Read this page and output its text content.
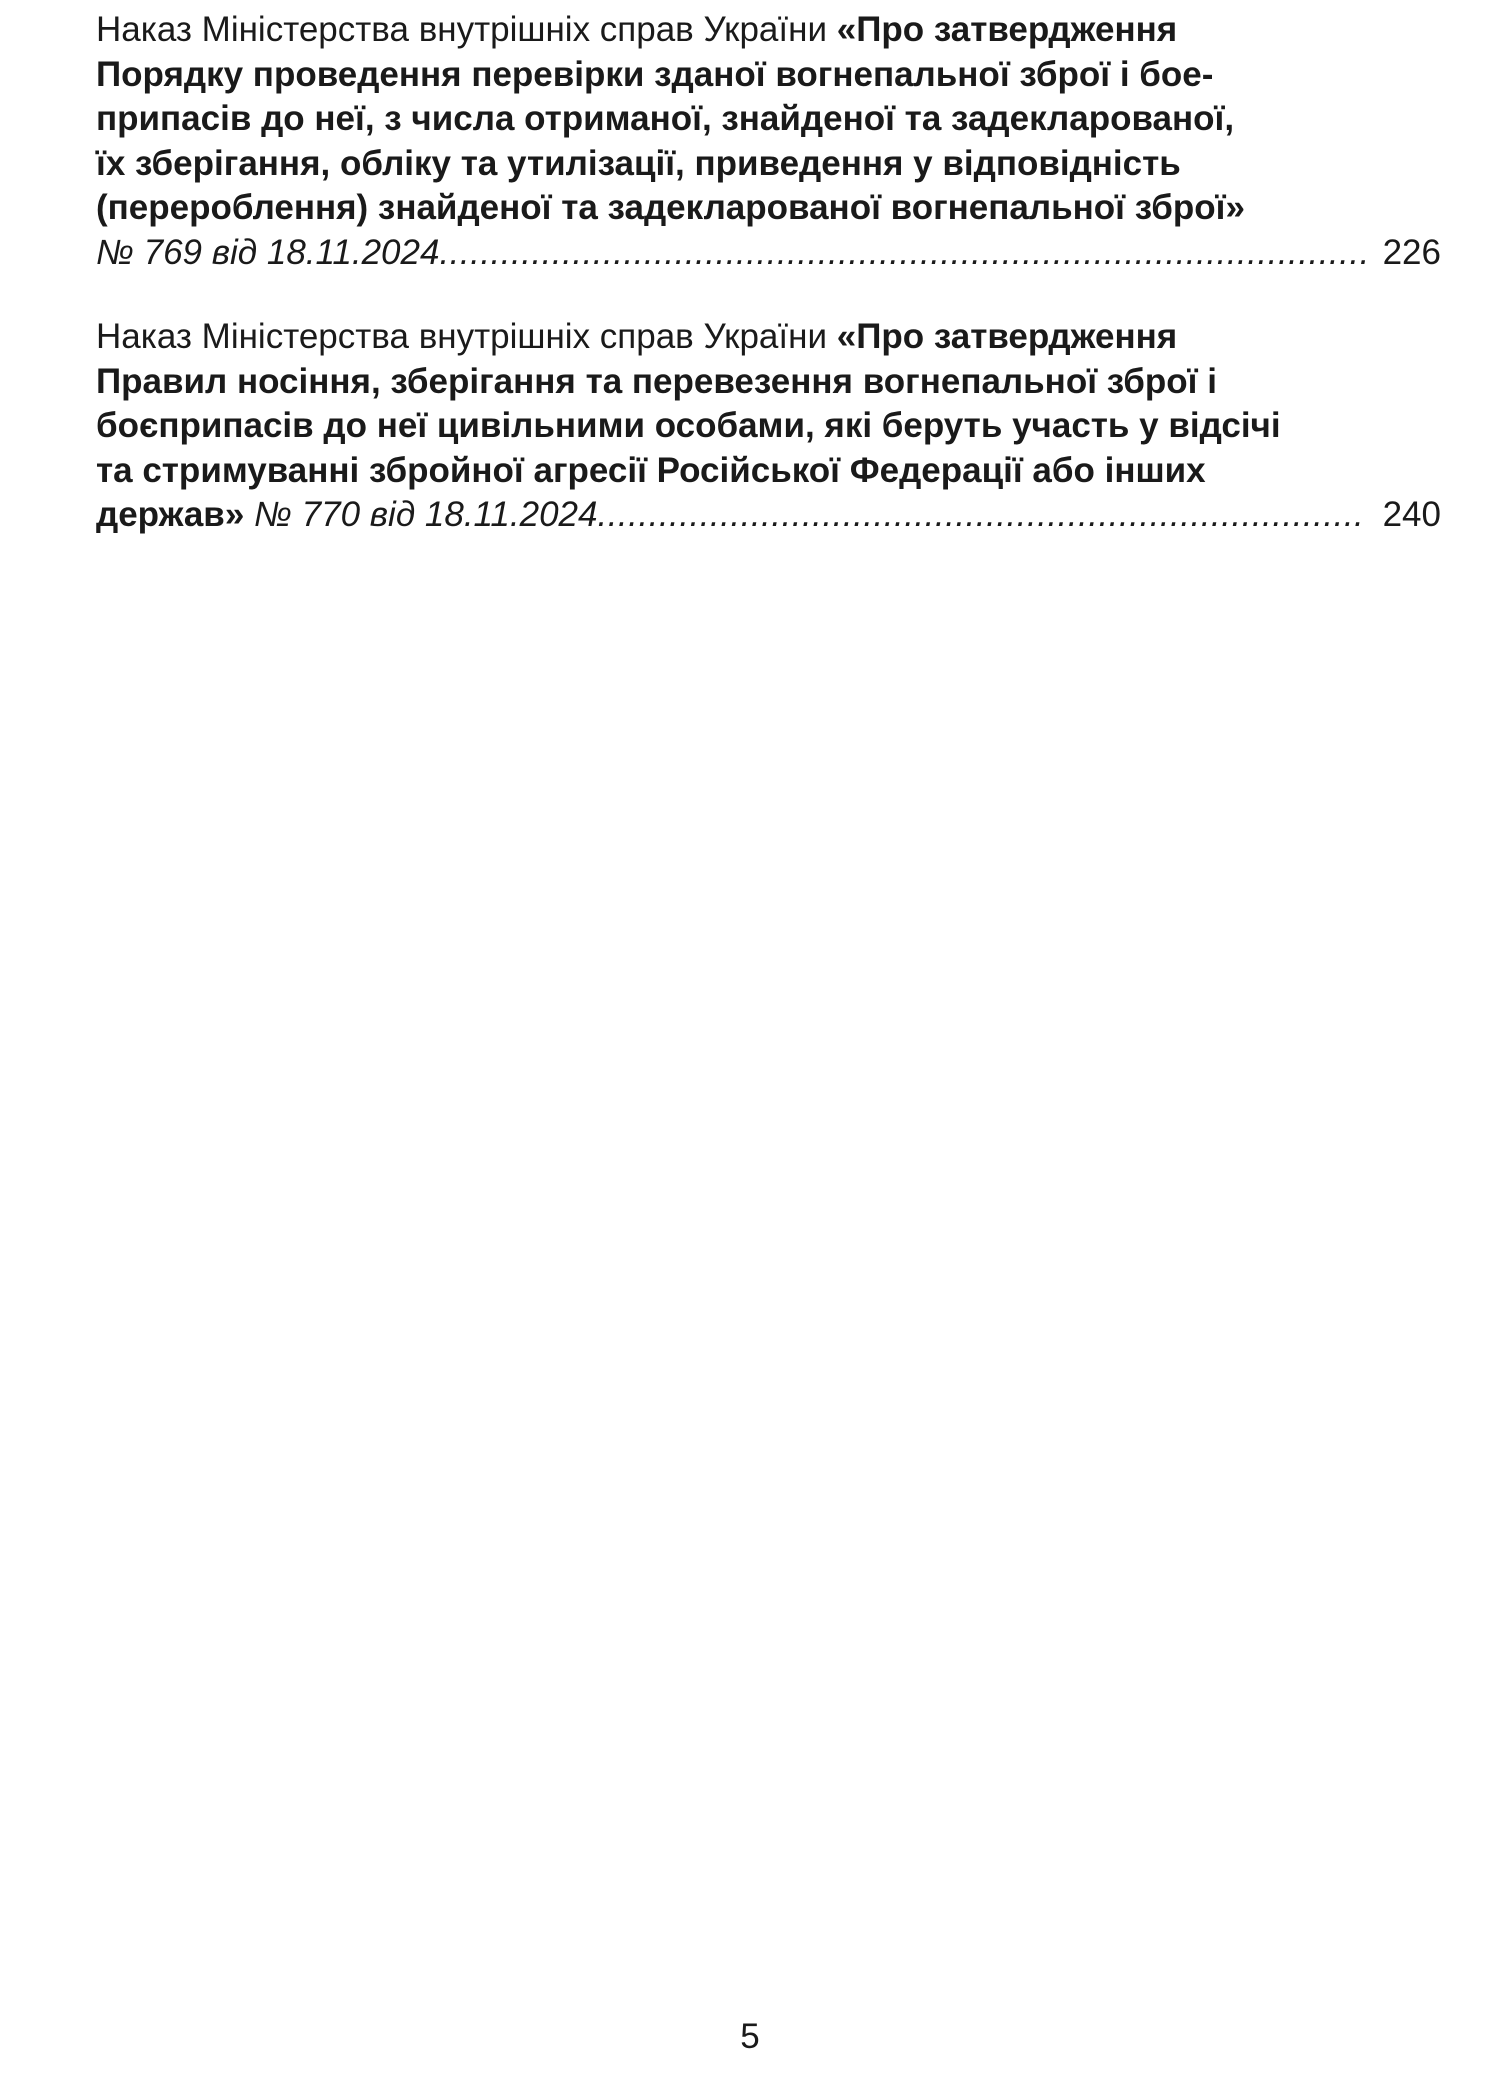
Наказ Міністерства внутрішніх справ України «Про затвердження
Порядку проведення перевірки зданої вогнепальної зброї і бое-
припасів до неї, з числа отриманої, знайденої та задекларованої,
їх зберігання, обліку та утилізації, приведення у відповідність
(перероблення) знайденої та задекларованої вогнепальної зброї»
№ 769 від 18.11.2024 .....	226
Наказ Міністерства внутрішніх справ України «Про затвердження
Правил носіння, зберігання та перевезення вогнепальної зброї і
боєприпасів до неї цивільними особами, які беруть участь у відсічі
та стримуванні збройної агресії Російської Федерації або інших
держав» № 770 від 18.11.2024 .....	240
5
